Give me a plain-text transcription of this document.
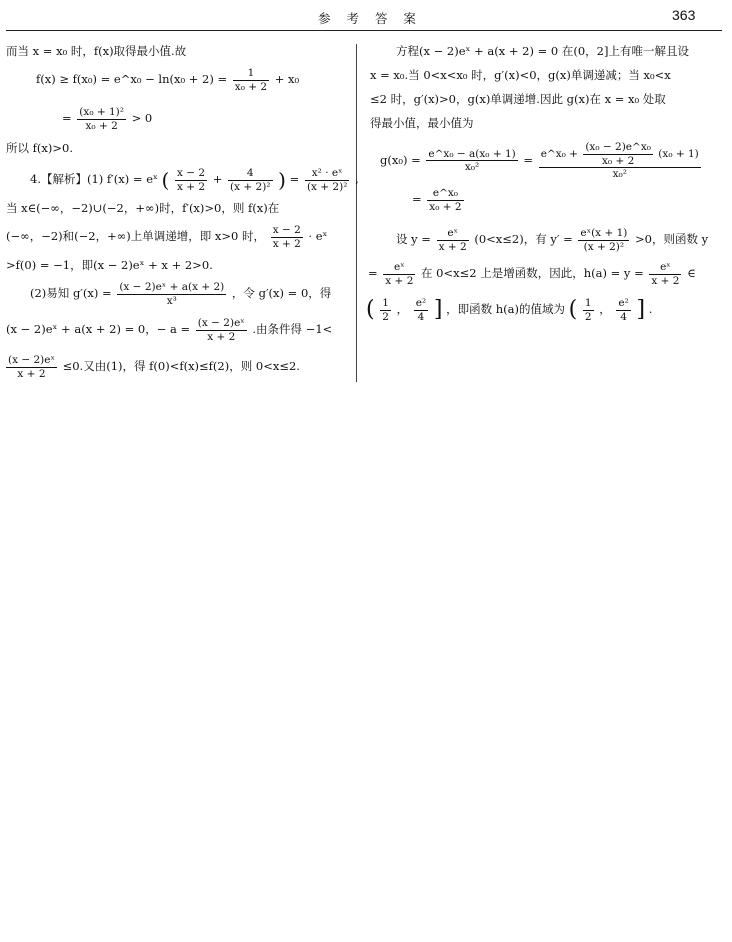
参 考 答 案	363
而当 x = x₀ 时，f(x)取得最小值.故
f(x) ≥ f(x₀) = e^x₀ − $\ln(x_0 + 2) = \frac{1}{\text{x₀ + 2}} + x_0$
= $\frac{\text{(x₀ + 1)²}}{\text{x₀ + 2}} > 0$
所以 f(x)>0.
4.【解析】(1) f′(x) = eˣ ( $\frac{x - 2}{x + 2} + \frac{4}{\text{(x + 2)²}}$ ) = $\frac{\text{x² · eˣ}}{\text{(x + 2)²}}$ ,
当 x∈(−∞，−2)∪(−2，+∞)时，f′(x)>0，则 f(x)在
(−∞，−2)和(−2，+∞)上单调递增，即 x>0 时， $\frac{x - 2}{x + 2}$ · eˣ
>f(0) = −1，即(x − 2)eˣ + x + 2>0.
(2)易知 $g'(x) = \frac{\text{(x − 2)eˣ + a(x + 2)}}{\text{x³}}$ ，令 g′(x) = 0，得
(x − 2)eˣ + a(x + 2) = 0，− $a = \frac{\text{(x − 2)eˣ}}{x + 2}$ .由条件得 −1<
$\frac{\text{(x − 2)eˣ}}{x + 2} \le 0$.又由(1)，得 f(0)<f(x)≤f(2)，则 0<x≤2.
方程(x − 2)eˣ + a(x + 2) = 0 在(0，2]上有唯一解且设
x = x₀.当 0<x<x₀ 时，g′(x)<0，g(x)单调递减；当 x₀<x
≤2 时，g′(x)>0，g(x)单调递增.因此 g(x)在 x = x₀ 处取
得最小值，最小值为
$g(x_0) = \frac{\text{e\textasciicircum{}x₀ − a(x₀ + 1)}}{\text{x₀²}} = \frac{e\^{}x_0 + \frac{\text{(x₀ − 2)e\textasciicircum{}x₀}}{\text{x₀ + 2}} (x_0 + 1)}{\text{x₀²}}$
= $\frac{\text{e\textasciicircum{}x₀}}{\text{x₀ + 2}}$
设 $y = \frac{\text{eˣ}}{x + 2} (0<x\le 2)$，有 $y' = \frac{\text{eˣ(x + 1)}}{\text{(x + 2)²}} >0$，则函数 y
= $\frac{\text{eˣ}}{x + 2}$ 在 0<x≤2 上是增函数，因此，$h(a) = y = \frac{\text{eˣ}}{x + 2}$ ∈
( $\frac{1}{2}$ ， $\frac{\text{e²}}{4}$ ] ，即函数 h(a)的值域为 ( $\frac{1}{2}$ ， $\frac{\text{e²}}{4}$ ] .
